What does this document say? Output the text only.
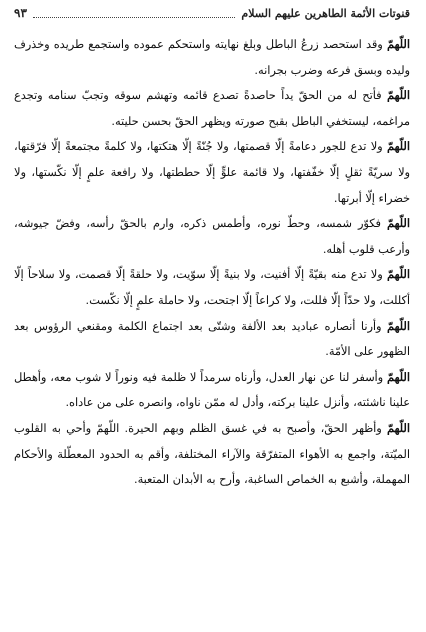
قنوتات الأئمة الطاهرين عليهم السلام
٩٣

اللّهمّ وقد استحصد زرعُ الباطل وبلغ نهايته واستحكم عموده واستجمع طريده وخذرف وليده وبسق فرعه وضرب بجرانه.

اللّهمّ فأتح له من الحقّ يداً حاصدةً تصدع قائمه وتهشم سوقه وتجبّ سنامه وتجدع مراغمه، ليستخفي الباطل بقبح صورته ويظهر الحقّ بحسن حليته.

اللّهمّ ولا تدع للجور دعامةً إلّا قصمتها، ولا جُنّةً إلّا هتكتها، ولا كلمةً مجتمعةً إلّا فرّقتها، ولا سريّةً ثقلٍ إلّا خفّفتها، ولا قائمة علوٍّ إلّا حططتها، ولا رافعة علمٍ إلّا نكّستها، ولا خضراء إلّا أبرتها.

اللّهمّ فكوّر شمسه، وحطّ نوره، وأطمس ذكره، وارم بالحقّ رأسه، وفضّ جيوشه، وأرعب قلوب أهله.

اللّهمّ ولا تدع منه بقيّةً إلّا أفنيت، ولا بنيةً إلّا سوّيت، ولا حلقةً إلّا قصمت، ولا سلاحاً إلّا أكللت، ولا حدّاً إلّا فللت، ولا كراعاً إلّا اجتحت، ولا حاملة علمٍ إلّا نكّست.

اللّهمّ وأرنا أنصاره عباديد بعد الألفة وشتّى بعد اجتماع الكلمة ومقنعي الرؤوس بعد الظهور على الأمّة.

اللّهمّ وأسفر لنا عن نهار العدل، وأرناه سرمداً لا ظلمة فيه ونوراً لا شوب معه، وأهطل علينا ناشئته، وأنزل علينا بركته، وأدل له ممّن ناواه، وانصره على من عاداه.

اللّهمّ وأظهر الحقّ، وأصبح به في غسق الظلم وبهم الحيرة. اللّهمّ وأحي به القلوب الميّتة، واجمع به الأهواء المتفرّقة والآراء المختلفة، وأقم به الحدود المعطّلة والأحكام المهملة، وأشبع به الخماص الساغبة، وأرح به الأبدان المتعبة.
